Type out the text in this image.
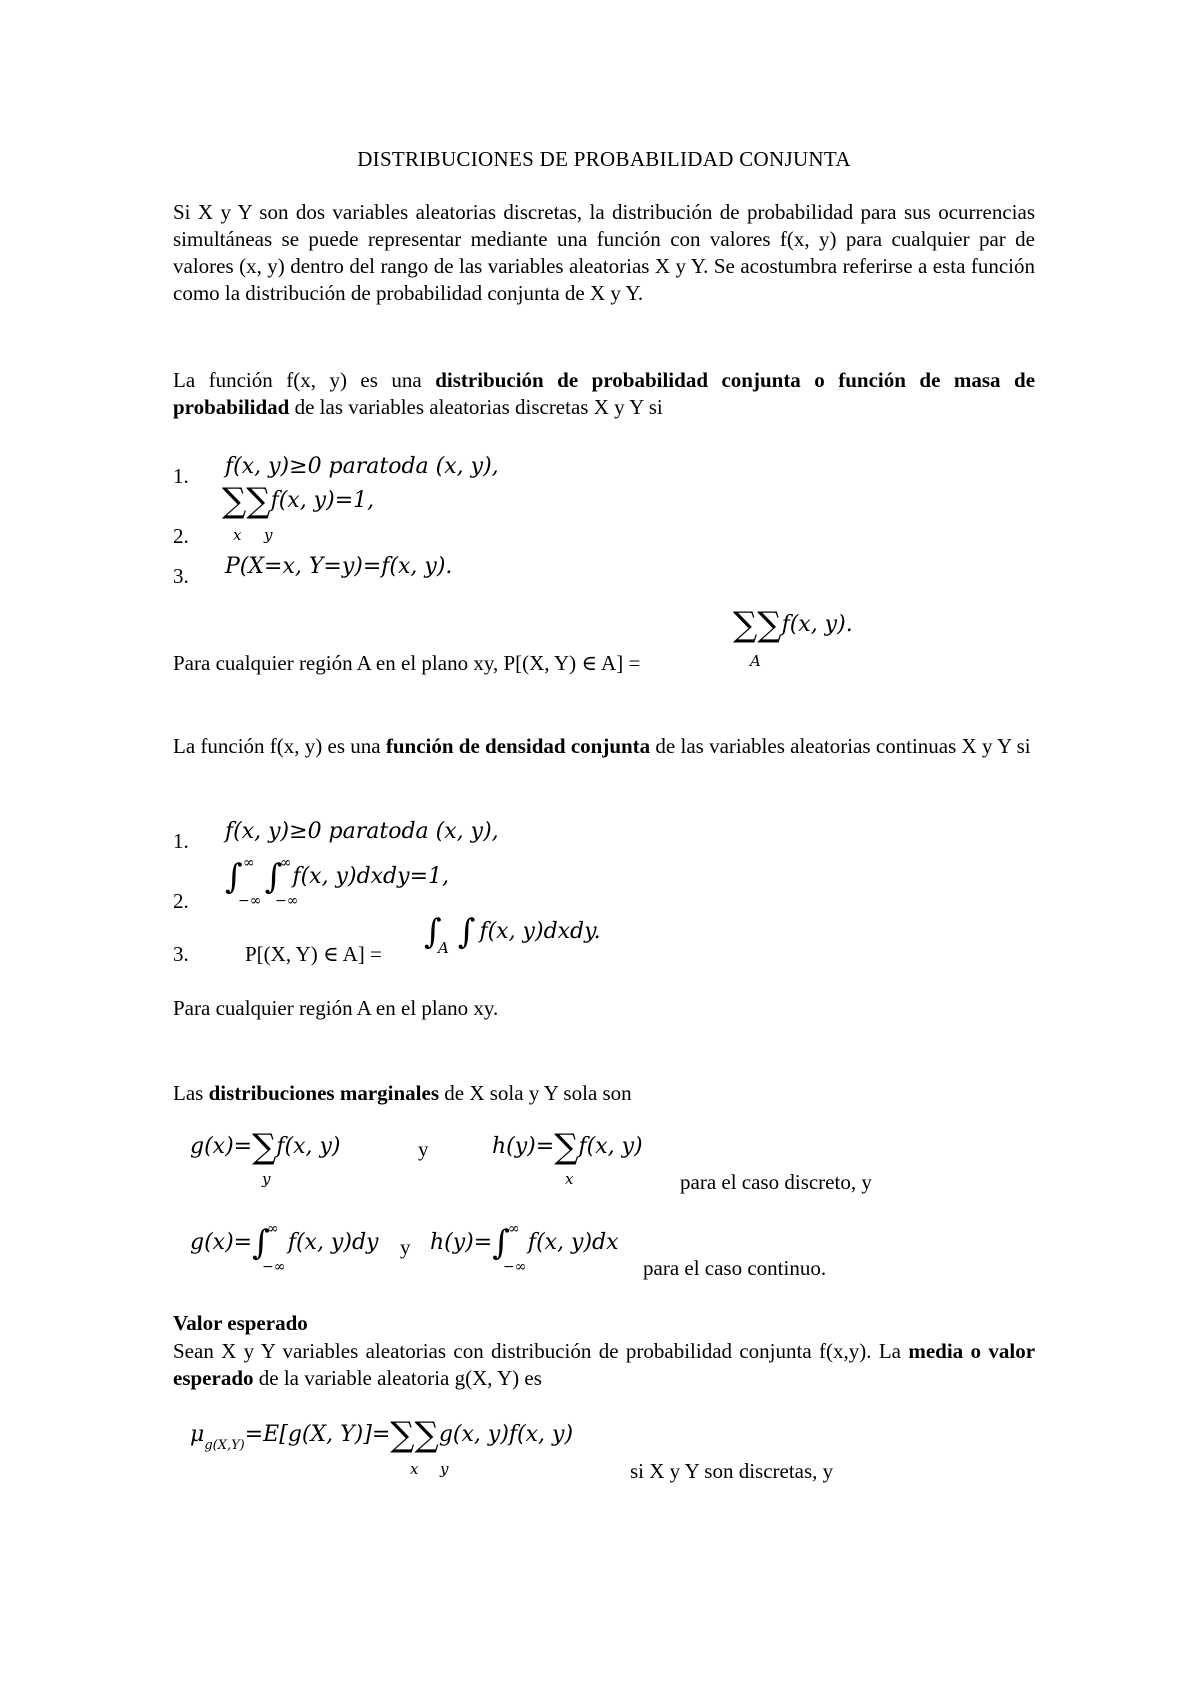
DISTRIBUCIONES DE PROBABILIDAD CONJUNTA
Si X y Y son dos variables aleatorias discretas, la distribución de probabilidad para sus ocurrencias simultáneas se puede representar mediante una función con valores f(x, y) para cualquier par de valores (x, y) dentro del rango de las variables aleatorias X y Y. Se acostumbra referirse a esta función como la distribución de probabilidad conjunta de X y Y.
La función f(x, y) es una distribución de probabilidad conjunta o función de masa de probabilidad de las variables aleatorias discretas X y Y si
1. f(x, y)≥0 paratoda (x, y),
2.
∑∑f(x, y)=1,
x y
3. P(X=x, Y=y)=f(x, y).
Para cualquier región A en el plano xy, P[(X, Y) ∈ A] =
∑∑f(x, y).
A
La función f(x, y) es una función de densidad conjunta de las variables aleatorias continuas X y Y si
1. f(x, y)≥0 paratoda (x, y),
2.
∫ ∫ f(x, y)dxdy=1,
∞
−∞
∞
−∞
3.	P[(X, Y) ∈ A] =
∫ ∫ f(x, y)dxdy.
A
Para cualquier región A en el plano xy.
Las distribuciones marginales de X sola y Y sola son
g(x)=∑f(x, y)
y
y	h(y)=∑f(x, y)
x	para el caso discreto, y
g(x)=∫ f(x, y)dy
∞
−∞
y h(y)=∫ f(x, y)dx
∞
−∞	para el caso continuo.
Valor esperado
Sean X y Y variables aleatorias con distribución de probabilidad conjunta f(x,y). La media o valor esperado de la variable aleatoria g(X, Y) es
$\mu_{g(X,Y)}=E[g(X$, Y)]=∑∑g(x, y)f(x, y)
x y	si X y Y son discretas, y
